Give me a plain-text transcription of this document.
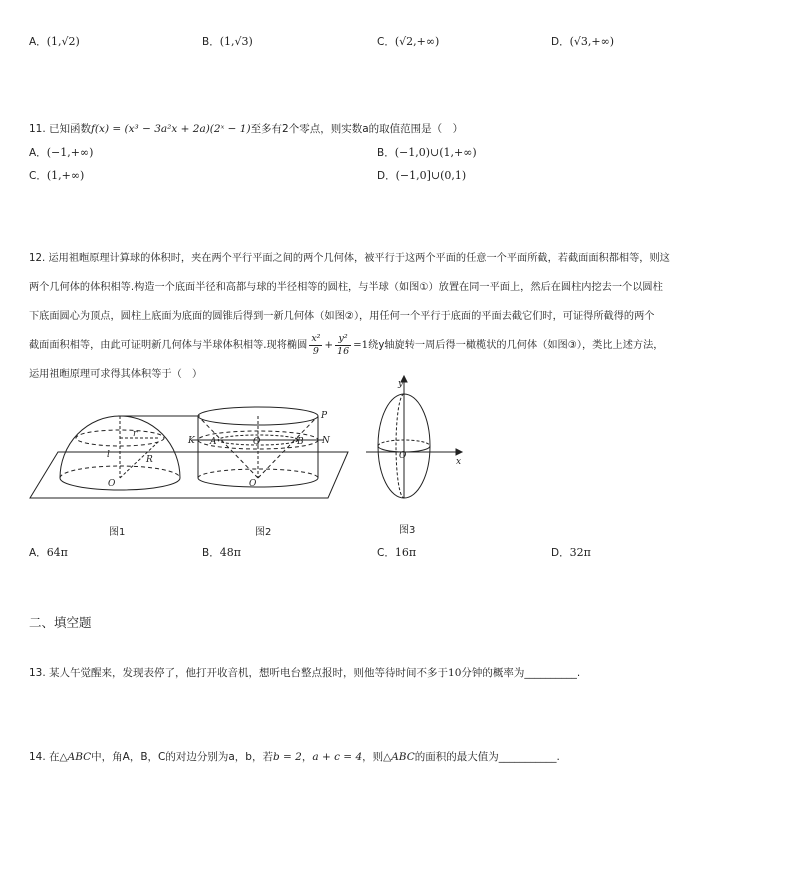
A．(1,√2)	B．(1,√3)	C．(√2,+∞)	D．(√3,+∞)
11. 已知函数f(x) = (x³ − 3a²x + 2a)(2ˣ − 1)至多有2个零点，则实数a的取值范围是（　）
A．(−1,+∞)	B．(−1,0)∪(1,+∞)
C．(1,+∞)	D．(−1,0]∪(0,1)
12. 运用祖暅原理计算球的体积时，夹在两个平行平面之间的两个几何体，被平行于这两个平面的任意一个平面所截，若截面面积都相等，则这
两个几何体的体积相等.构造一个底面半径和高都与球的半径相等的圆柱，与半球（如图①）放置在同一平面上，然后在圆柱内挖去一个以圆柱
下底面圆心为顶点，圆柱上底面为底面的圆锥后得到一新几何体（如图②），用任何一个平行于底面的平面去截它们时，可证得所截得的两个
截面面积相等，由此可证明新几何体与半球体积相等.现将椭圆 $\frac{\text{x²}}{9} + \frac{\text{y²}}{16} =1$绕y轴旋转一周后得一橄榄状的几何体（如图③），类比上述方法，
运用祖暅原理可求得其体积等于（　）
r
l	R
O
K A	O	B N
P
O
y
x
O
图1	图2	图3
A．64π	B．48π	C．16π	D．32π
二、填空题
13. 某人午觉醒来，发现表停了，他打开收音机，想听电台整点报时，则他等待时间不多于10分钟的概率为__________.
14. 在△ABC中，角A，B，C的对边分别为a，b，若b = 2，a + c = 4，则△ABC的面积的最大值为___________.
